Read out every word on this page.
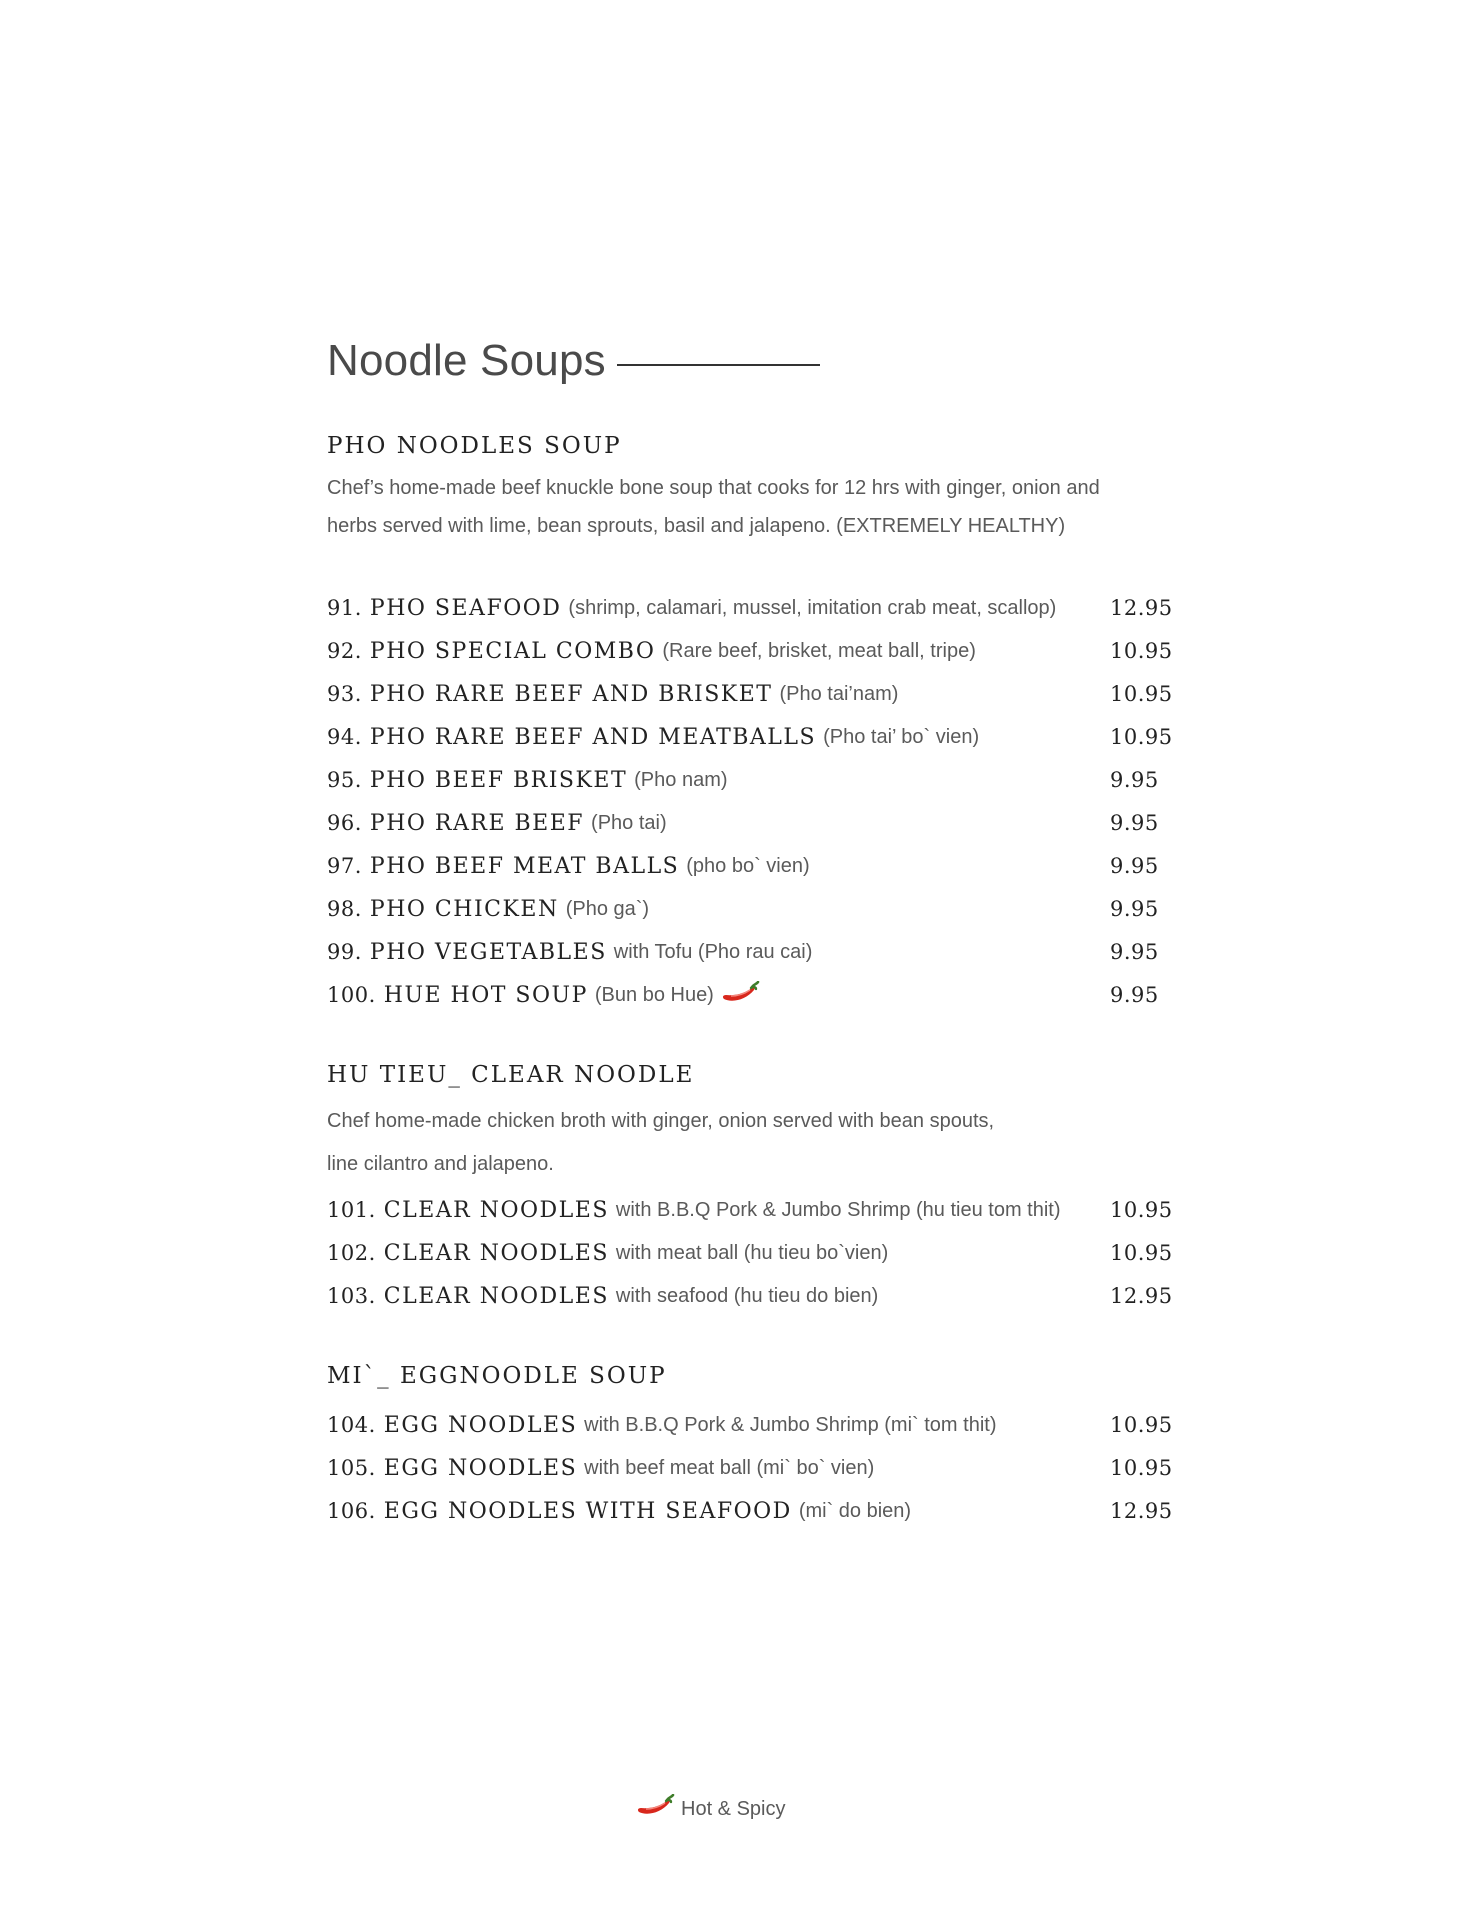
Noodle Soups
PHO NOODLES SOUP
Chef’s home-made beef knuckle bone soup that cooks for 12 hrs with ginger, onion and
herbs served with lime, bean sprouts, basil and jalapeno. (EXTREMELY HEALTHY)
91. PHO SEAFOOD (shrimp, calamari, mussel, imitation crab meat, scallop)	12.95
92. PHO SPECIAL COMBO (Rare beef, brisket, meat ball, tripe)	10.95
93. PHO RARE BEEF AND BRISKET (Pho tai’nam)	10.95
94. PHO RARE BEEF AND MEATBALLS (Pho tai’ bo` vien)	10.95
95. PHO BEEF BRISKET (Pho nam)	9.95
96. PHO RARE BEEF (Pho tai)	9.95
97. PHO BEEF MEAT BALLS (pho bo` vien)	9.95
98. PHO CHICKEN (Pho ga`)	9.95
99. PHO VEGETABLES with Tofu (Pho rau cai)	9.95
100. HUE HOT SOUP (Bun bo Hue)	9.95
HU TIEU_ CLEAR NOODLE
Chef home-made chicken broth with ginger, onion served with bean spouts,
line cilantro and jalapeno.
101. CLEAR NOODLES with B.B.Q Pork & Jumbo Shrimp (hu tieu tom thit) 10.95
102. CLEAR NOODLES with meat ball (hu tieu bo`vien)	10.95
103. CLEAR NOODLES with seafood (hu tieu do bien)	12.95
MI`_ EGGNOODLE SOUP
104. EGG NOODLES with B.B.Q Pork & Jumbo Shrimp (mi` tom thit)	10.95
105. EGG NOODLES with beef meat ball (mi` bo` vien)	10.95
106. EGG NOODLES WITH SEAFOOD (mi` do bien)	12.95
Hot & Spicy
